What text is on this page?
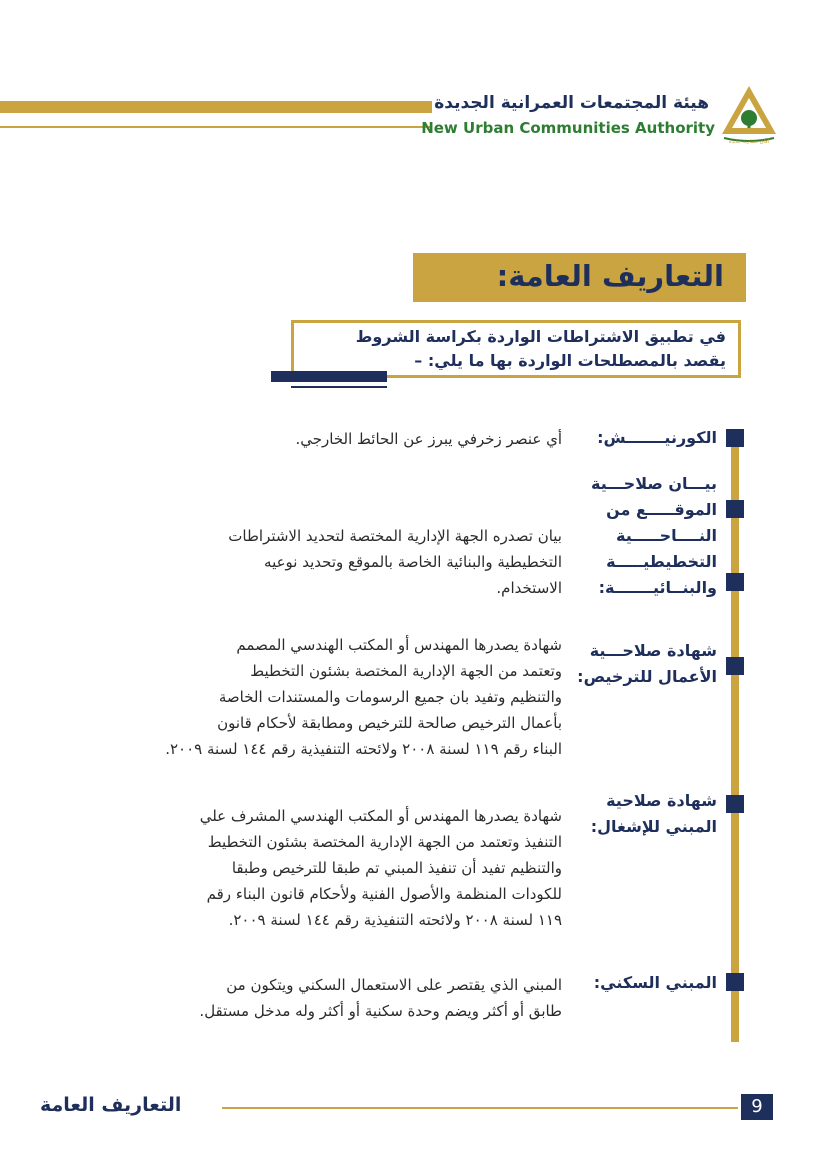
هيئة المجتمعات العمرانية الجديدة
New Urban Communities Authority
آفاق حضارية جديدة
التعاريف العامة:
في تطبيق الاشتراطات الواردة بكراسة الشروط
يقصد بالمصطلحات الواردة بها ما يلي: –
الكورنيـــــــش:
أي عنصر زخرفي يبرز عن الحائط الخارجي.
بيـــان صلاحـــية
الموقـــــع من
النــــاحـــــية
التخطيطيـــــة
والبنــائيـــــــة:
بيان تصدره الجهة الإدارية المختصة لتحديد الاشتراطات
التخطيطية والبنائية الخاصة بالموقع وتحديد نوعيه
الاستخدام.
شهادة صلاحـــية
الأعمال للترخيص:
شهادة يصدرها المهندس أو المكتب الهندسي المصمم
وتعتمد من الجهة الإدارية المختصة بشئون التخطيط
والتنظيم وتفيد بان جميع الرسومات والمستندات الخاصة
بأعمال الترخيص صالحة للترخيص ومطابقة لأحكام قانون
البناء رقم ١١٩ لسنة ٢٠٠٨ ولائحته التنفيذية رقم ١٤٤ لسنة ٢٠٠٩.
شهادة صلاحية
المبني للإشغال:
شهادة يصدرها المهندس أو المكتب الهندسي المشرف علي
التنفيذ وتعتمد من الجهة الإدارية المختصة بشئون التخطيط
والتنظيم تفيد أن تنفيذ المبني تم طبقا للترخيص وطبقا
للكودات المنظمة والأصول الفنية ولأحكام قانون البناء رقم
١١٩ لسنة ٢٠٠٨ ولائحته التنفيذية رقم ١٤٤ لسنة ٢٠٠٩.
المبني السكني:
المبني الذي يقتصر على الاستعمال السكني ويتكون من
طابق أو أكثر ويضم وحدة سكنية أو أكثر وله مدخل مستقل.
التعاريف العامة	9
